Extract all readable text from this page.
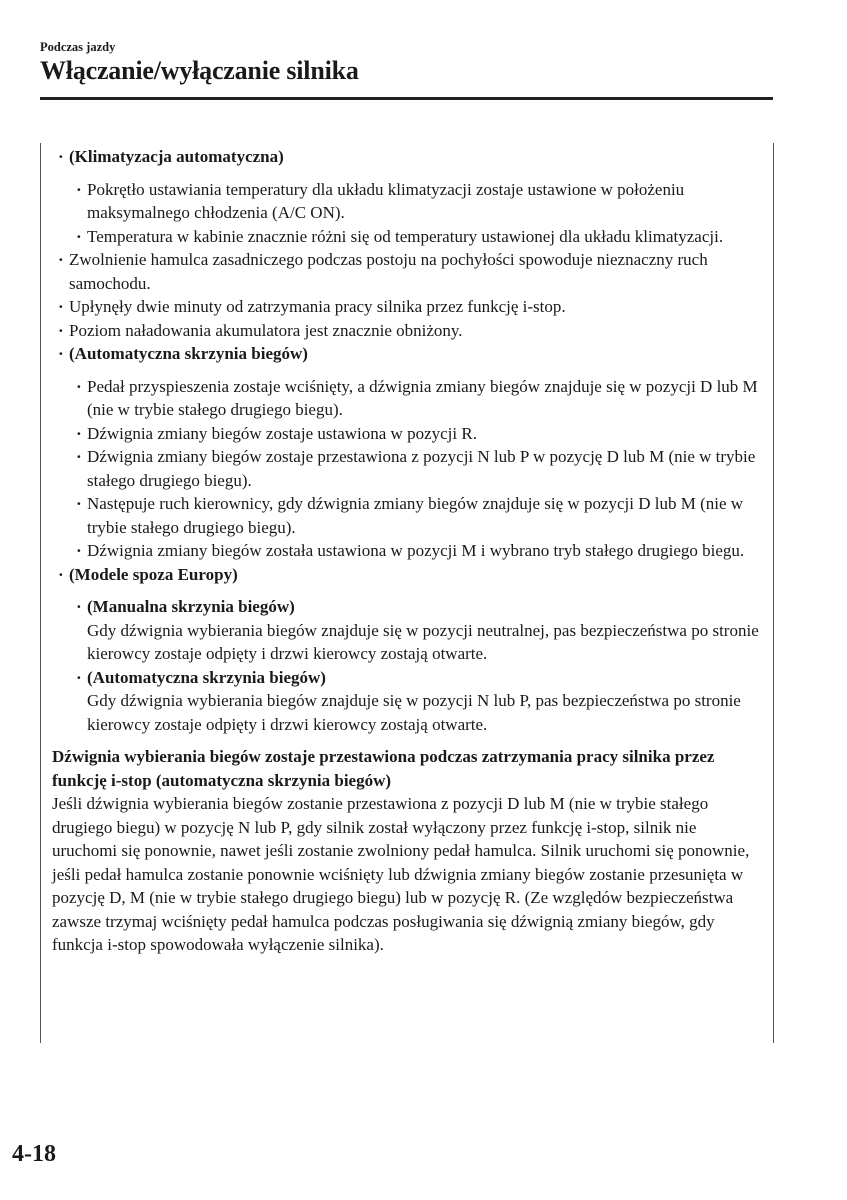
Podczas jazdy
Włączanie/wyłączanie silnika
· (Klimatyzacja automatyczna)
· Pokrętło ustawiania temperatury dla układu klimatyzacji zostaje ustawione w położeniu maksymalnego chłodzenia (A/C ON).
· Temperatura w kabinie znacznie różni się od temperatury ustawionej dla układu klimatyzacji.
· Zwolnienie hamulca zasadniczego podczas postoju na pochyłości spowoduje nieznaczny ruch samochodu.
· Upłynęły dwie minuty od zatrzymania pracy silnika przez funkcję i-stop.
· Poziom naładowania akumulatora jest znacznie obniżony.
· (Automatyczna skrzynia biegów)
· Pedał przyspieszenia zostaje wciśnięty, a dźwignia zmiany biegów znajduje się w pozycji D lub M (nie w trybie stałego drugiego biegu).
· Dźwignia zmiany biegów zostaje ustawiona w pozycji R.
· Dźwignia zmiany biegów zostaje przestawiona z pozycji N lub P w pozycję D lub M (nie w trybie stałego drugiego biegu).
· Następuje ruch kierownicy, gdy dźwignia zmiany biegów znajduje się w pozycji D lub M (nie w trybie stałego drugiego biegu).
· Dźwignia zmiany biegów została ustawiona w pozycji M i wybrano tryb stałego drugiego biegu.
· (Modele spoza Europy)
· (Manualna skrzynia biegów)
Gdy dźwignia wybierania biegów znajduje się w pozycji neutralnej, pas bezpieczeństwa po stronie kierowcy zostaje odpięty i drzwi kierowcy zostają otwarte.
· (Automatyczna skrzynia biegów)
Gdy dźwignia wybierania biegów znajduje się w pozycji N lub P, pas bezpieczeństwa po stronie kierowcy zostaje odpięty i drzwi kierowcy zostają otwarte.
Dźwignia wybierania biegów zostaje przestawiona podczas zatrzymania pracy silnika przez funkcję i-stop (automatyczna skrzynia biegów)
Jeśli dźwignia wybierania biegów zostanie przestawiona z pozycji D lub M (nie w trybie stałego drugiego biegu) w pozycję N lub P, gdy silnik został wyłączony przez funkcję i-stop, silnik nie uruchomi się ponownie, nawet jeśli zostanie zwolniony pedał hamulca. Silnik uruchomi się ponownie, jeśli pedał hamulca zostanie ponownie wciśnięty lub dźwignia zmiany biegów zostanie przesunięta w pozycję D, M (nie w trybie stałego drugiego biegu) lub w pozycję R. (Ze względów bezpieczeństwa zawsze trzymaj wciśnięty pedał hamulca podczas posługiwania się dźwignią zmiany biegów, gdy funkcja i-stop spowodowała wyłączenie silnika).
4-18
